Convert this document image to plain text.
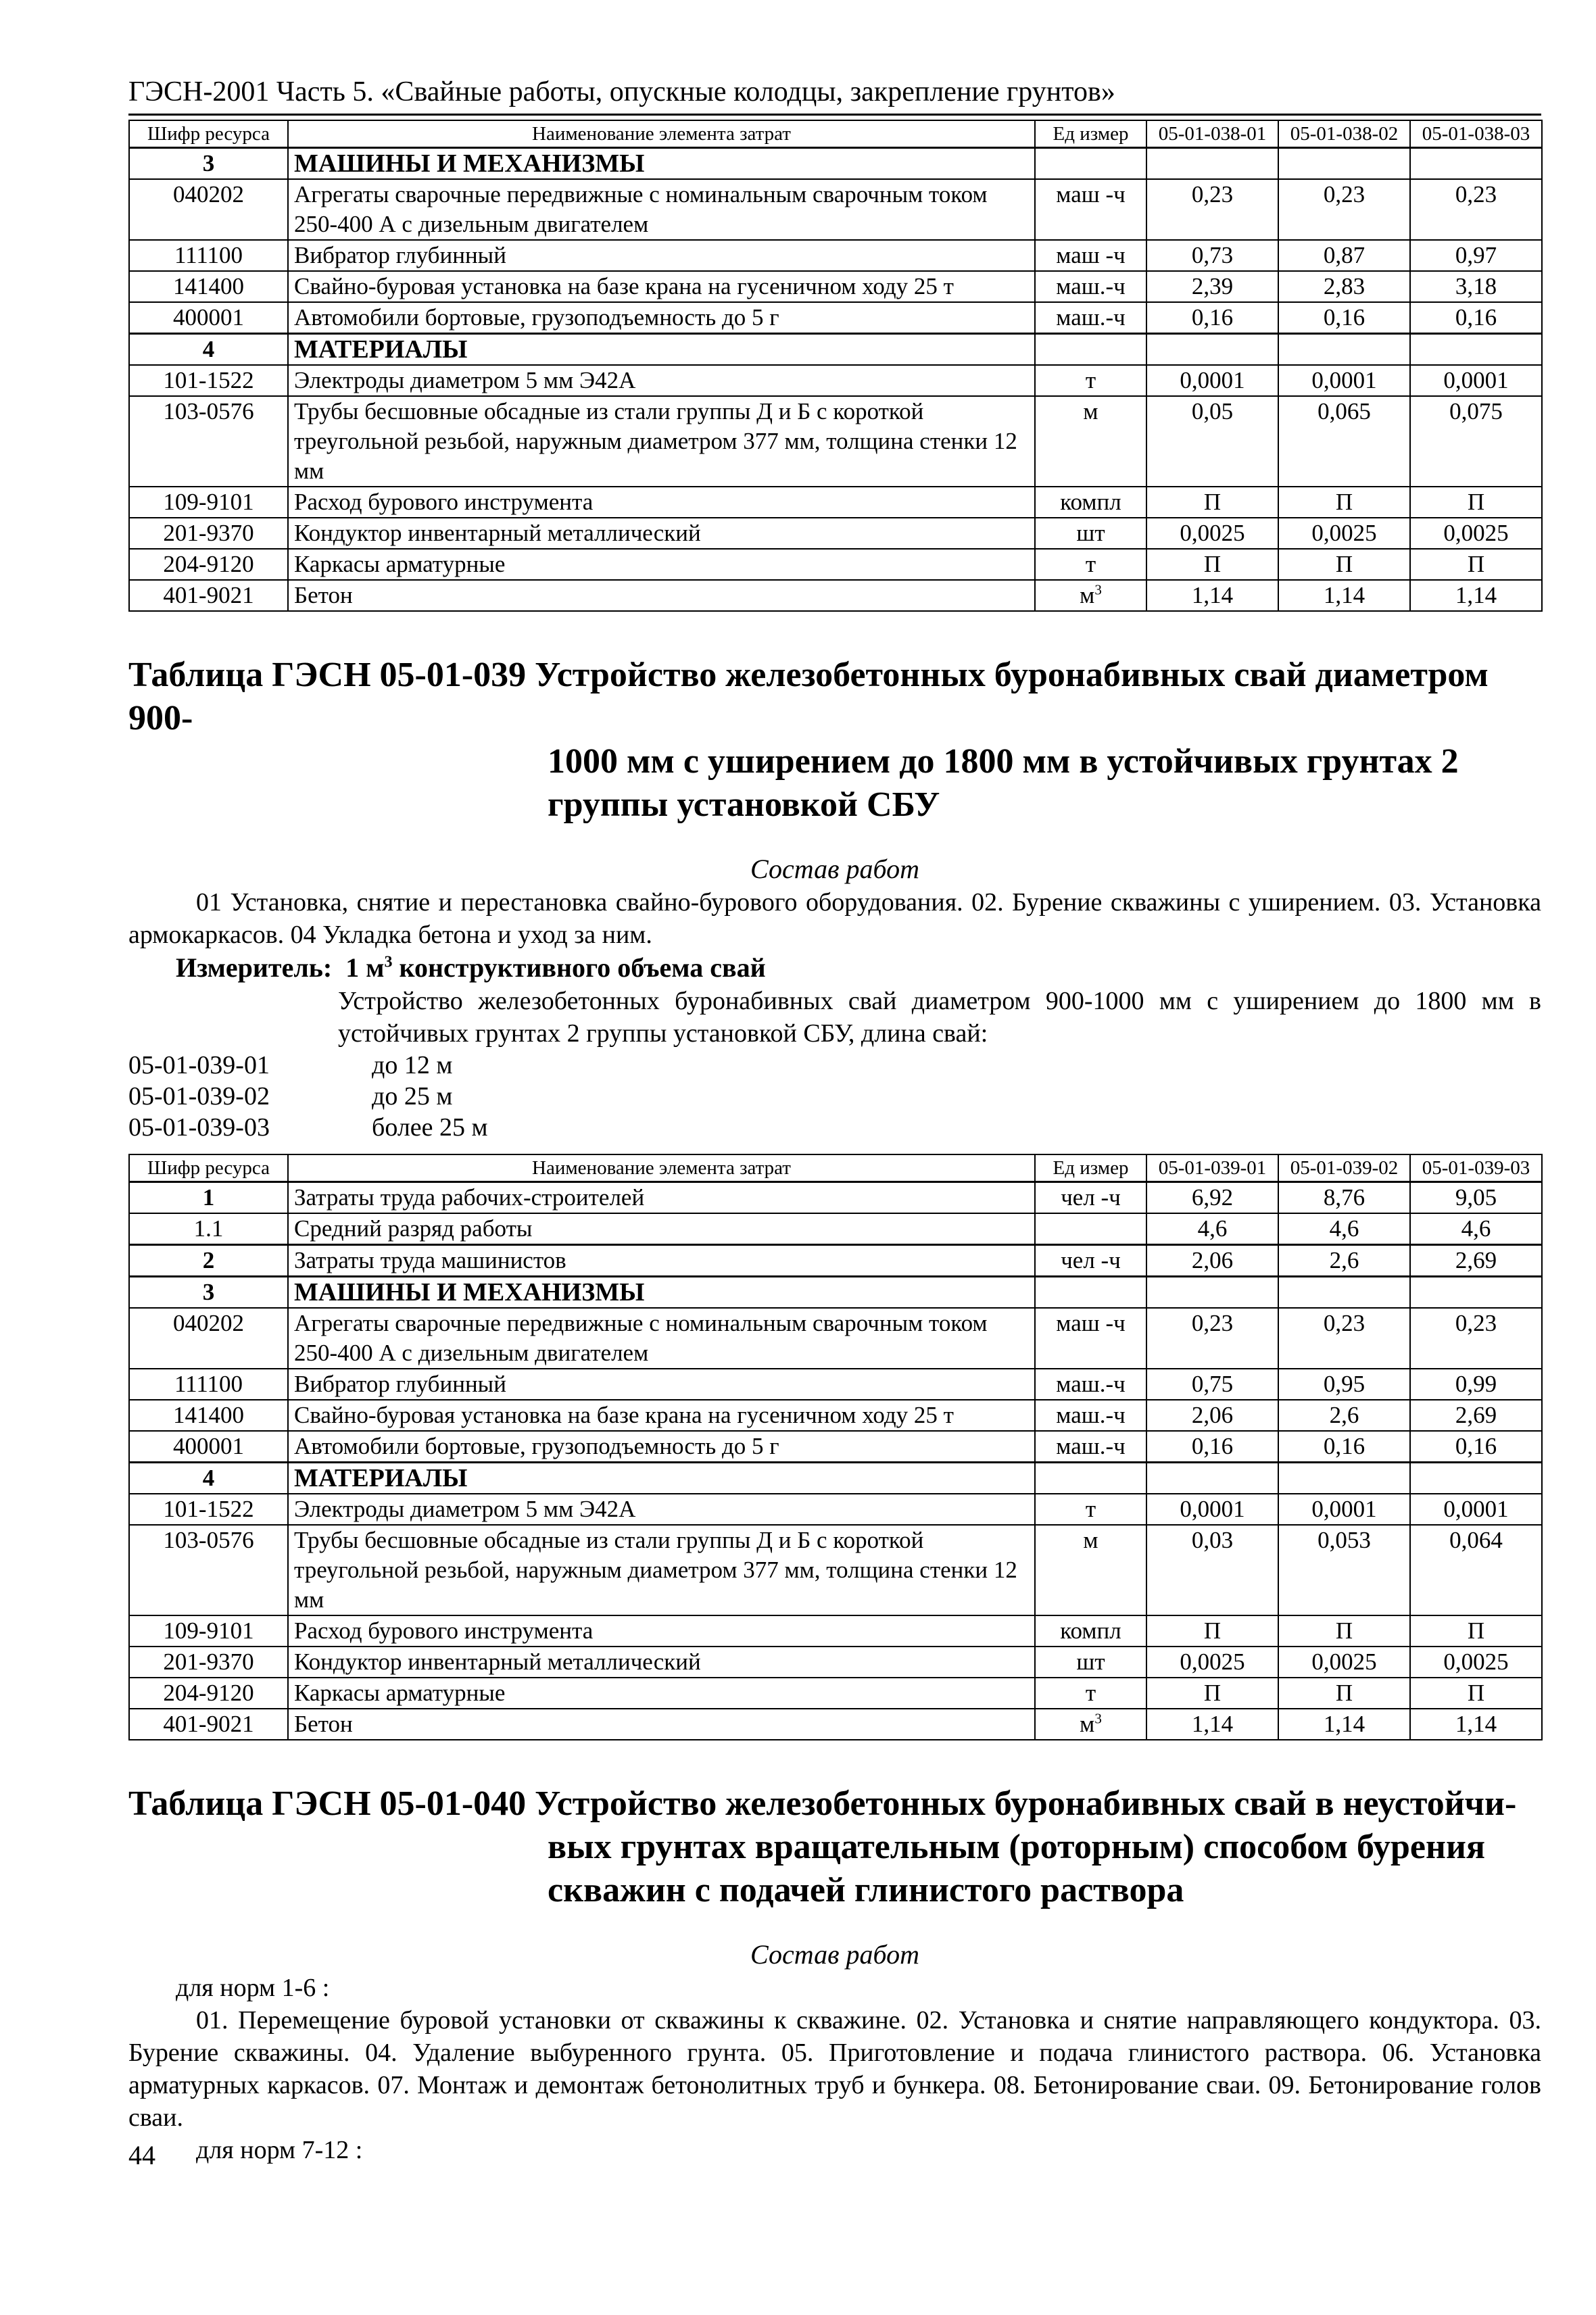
ГЭСН-2001 Часть 5. «Свайные работы, опускные колодцы, закрепление грунтов»
Шифр ресурса	Наименование элемента затрат	Ед измер	05-01-038-01	05-01-038-02	05-01-038-03
3	МАШИНЫ И МЕХАНИЗМЫ				
040202	Агрегаты сварочные передвижные с номинальным сварочным током 250-400 А с дизельным двигателем	маш -ч	0,23	0,23	0,23
111100	Вибратор глубинный	маш -ч	0,73	0,87	0,97
141400	Свайно-буровая установка на базе крана на гусеничном ходу 25 т	маш.-ч	2,39	2,83	3,18
400001	Автомобили бортовые, грузоподъемность до 5 г	маш.-ч	0,16	0,16	0,16
4	МАТЕРИАЛЫ				
101-1522	Электроды диаметром 5 мм Э42А	т	0,0001	0,0001	0,0001
103-0576	Трубы бесшовные обсадные из стали группы Д и Б с короткой треугольной резьбой, наружным диаметром 377 мм, толщина стенки 12 мм	м	0,05	0,065	0,075
109-9101	Расход бурового инструмента	компл	П	П	П
201-9370	Кондуктор инвентарный металлический	шт	0,0025	0,0025	0,0025
204-9120	Каркасы арматурные	т	П	П	П
401-9021	Бетон	$м^3$	1,14	1,14	1,14
Таблица ГЭСН 05-01-039 Устройство железобетонных буронабивных свай диаметром 900-
1000 мм с уширением до 1800 мм в устойчивых грунтах 2 группы установкой СБУ
Состав работ
01 Установка, снятие и перестановка свайно-бурового оборудования. 02. Бурение скважины с уширением. 03. Установка армокаркасов. 04 Укладка бетона и уход за ним.
Измеритель: 1 $м^3$ конструктивного объема свай
Устройство железобетонных буронабивных свай диаметром 900-1000 мм с уширением до 1800 мм в устойчивых грунтах 2 группы установкой СБУ, длина свай:
05-01-039-01	до 12 м
05-01-039-02	до 25 м
05-01-039-03	более 25 м
Шифр ресурса	Наименование элемента затрат	Ед измер	05-01-039-01	05-01-039-02	05-01-039-03
1	Затраты труда рабочих-строителей	чел -ч	6,92	8,76	9,05
1.1	Средний разряд работы		4,6	4,6	4,6
2	Затраты труда машинистов	чел -ч	2,06	2,6	2,69
3	МАШИНЫ И МЕХАНИЗМЫ				
040202	Агрегаты сварочные передвижные с номинальным сварочным током 250-400 А с дизельным двигателем	маш -ч	0,23	0,23	0,23
111100	Вибратор глубинный	маш.-ч	0,75	0,95	0,99
141400	Свайно-буровая установка на базе крана на гусеничном ходу 25 т	маш.-ч	2,06	2,6	2,69
400001	Автомобили бортовые, грузоподъемность до 5 г	маш.-ч	0,16	0,16	0,16
4	МАТЕРИАЛЫ				
101-1522	Электроды диаметром 5 мм Э42А	т	0,0001	0,0001	0,0001
103-0576	Трубы бесшовные обсадные из стали группы Д и Б с короткой треугольной резьбой, наружным диаметром 377 мм, толщина стенки 12 мм	м	0,03	0,053	0,064
109-9101	Расход бурового инструмента	компл	П	П	П
201-9370	Кондуктор инвентарный металлический	шт	0,0025	0,0025	0,0025
204-9120	Каркасы арматурные	т	П	П	П
401-9021	Бетон	$м^3$	1,14	1,14	1,14
Таблица ГЭСН 05-01-040 Устройство железобетонных буронабивных свай в неустойчи-
вых грунтах вращательным (роторным) способом бурения скважин с подачей глинистого раствора
Состав работ
для норм 1-6 :
01. Перемещение буровой установки от скважины к скважине. 02. Установка и снятие направляющего кондуктора. 03. Бурение скважины. 04. Удаление выбуренного грунта. 05. Приготовление и подача глинистого раствора. 06. Установка арматурных каркасов. 07. Монтаж и демонтаж бетонолитных труб и бункера. 08. Бетонирование сваи. 09. Бетонирование голов сваи.
для норм 7-12 :
44
